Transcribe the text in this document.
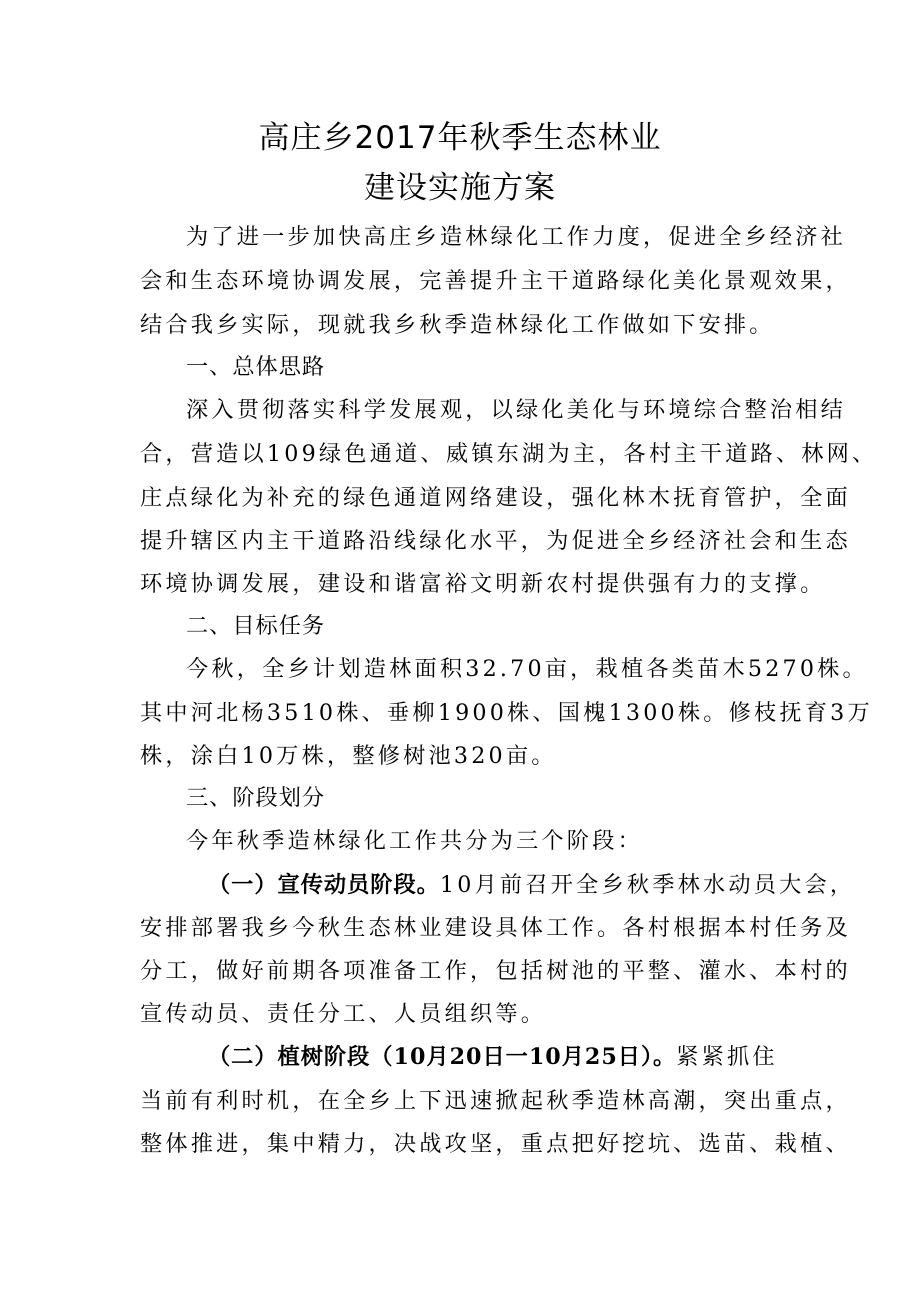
高庄乡2017年秋季生态林业
建设实施方案
为了进一步加快高庄乡造林绿化工作力度，促进全乡经济社
会和生态环境协调发展，完善提升主干道路绿化美化景观效果，
结合我乡实际，现就我乡秋季造林绿化工作做如下安排。
一、总体思路
深入贯彻落实科学发展观，以绿化美化与环境综合整治相结
合，营造以109绿色通道、威镇东湖为主，各村主干道路、林网、
庄点绿化为补充的绿色通道网络建设，强化林木抚育管护，全面
提升辖区内主干道路沿线绿化水平，为促进全乡经济社会和生态
环境协调发展，建设和谐富裕文明新农村提供强有力的支撑。
二、目标任务
今秋，全乡计划造林面积32.70亩，栽植各类苗木5270株。
其中河北杨3510株、垂柳1900株、国槐1300株。修枝抚育3万
株，涂白10万株，整修树池320亩。
三、阶段划分
今年秋季造林绿化工作共分为三个阶段：
（一）宣传动员阶段。10月前召开全乡秋季林水动员大会，
安排部署我乡今秋生态林业建设具体工作。各村根据本村任务及
分工，做好前期各项准备工作，包括树池的平整、灌水、本村的
宣传动员、责任分工、人员组织等。
（二）植树阶段（10月20日一10月25日）。紧紧抓住
当前有利时机，在全乡上下迅速掀起秋季造林高潮，突出重点，
整体推进，集中精力，决战攻坚，重点把好挖坑、选苗、栽植、
